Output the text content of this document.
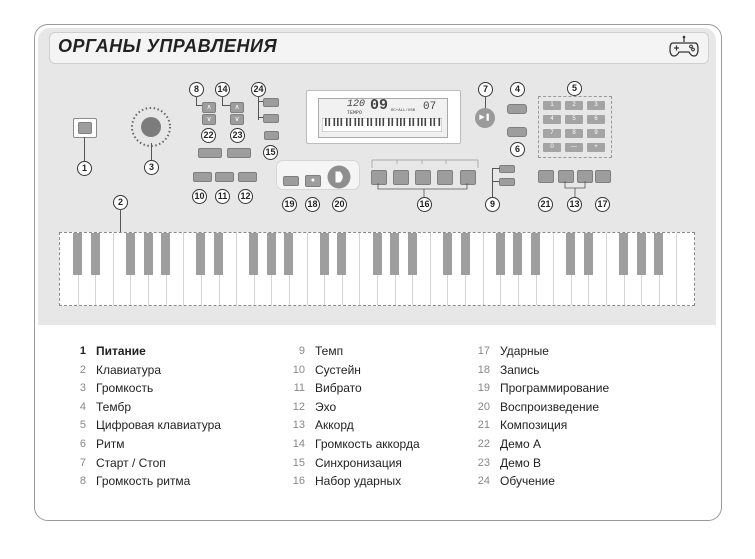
ОРГАНЫ УПРАВЛЕНИЯ
1	3
8	14
∧
∨
∧
∨
24
22 23
15
10	11	12
●
19 18 20
120
TEMPO 09 RC+ALL/USB 07
7
▶❚
4
6
5
1	2	3
4	5	6
7	8	9
0	—	+
16	9	21 13 17
2
1 Питание
2 Клавиатура
3 Громкость
4 Тембр
5 Цифровая клавиатура
6 Ритм
7 Старт / Стоп
8 Громкость ритма
9 Темп
10 Сустейн
11 Вибрато
12 Эхо
13 Аккорд
14 Громкость аккорда
15 Синхронизация
16 Набор ударных
17 Ударные
18 Запись
19 Программирование
20 Воспроизведение
21 Композиция
22 Демо A
23 Демо B
24 Обучение
